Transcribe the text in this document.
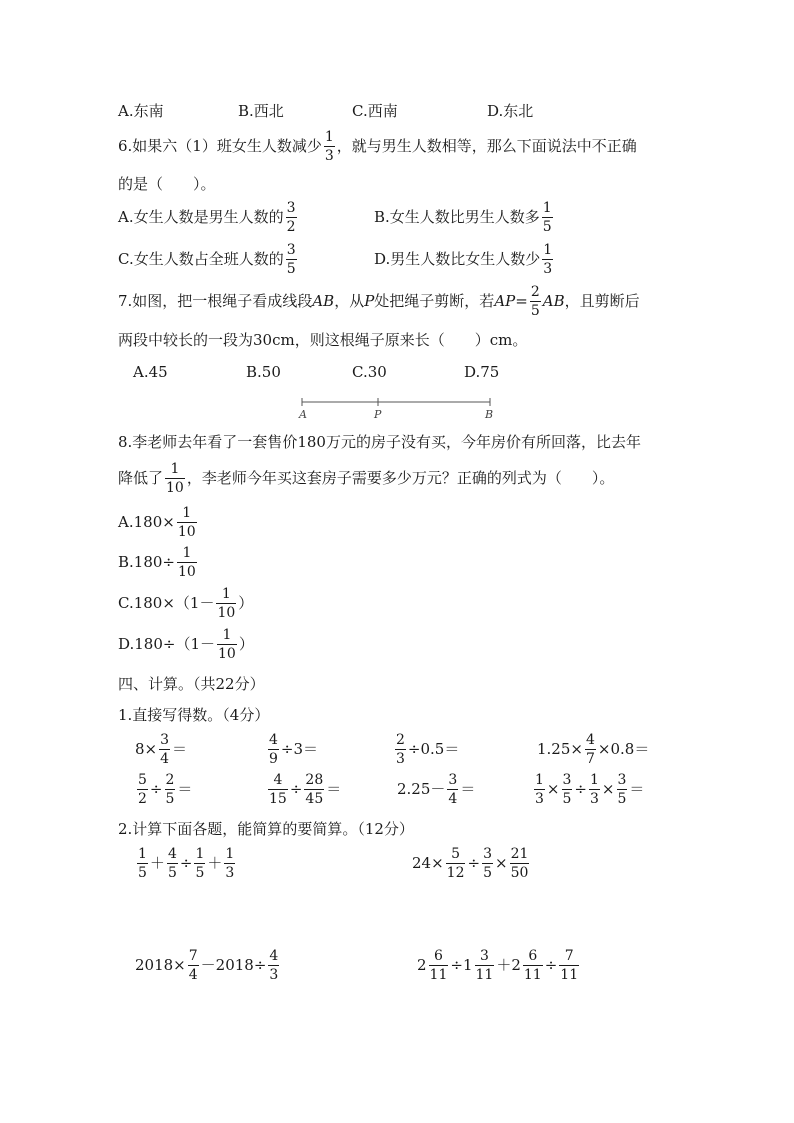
A.东南	B.西北	C.西南	D.东北
6.如果六（1）班女生人数减少 $\frac{1}{3}$ ，就与男生人数相等，那么下面说法中不正确
的是（　　）。
A.女生人数是男生人数的 $\frac{3}{2}$	B.女生人数比男生人数多 $\frac{1}{5}$
C.女生人数占全班人数的 $\frac{3}{5}$	D.男生人数比女生人数少 $\frac{1}{3}$
7.如图，把一根绳子看成线段 AB ，从 P 处把绳子剪断，若 AP = $\frac{2}{5}$ AB ，且剪断后
两段中较长的一段为30cm，则这根绳子原来长（　　）cm。
A.45	B.50	C.30	D.75
A	P	B
8.李老师去年看了一套售价180万元的房子没有买，今年房价有所回落，比去年
降低了 $\frac{1}{10}$ ，李老师今年买这套房子需要多少万元？正确的列式为（　　）。
$A.180\times \frac{1}{10}$
$B.180\div \frac{1}{10}$
$C.180\times(1- \frac{1}{10}$ ）
$D.180\div(1- \frac{1}{10}$ ）
四、计算。（共22分）
1.直接写得数。（4分）
$8\times \frac{3}{4}$ ＝	$\frac{4}{9} \div 3=$	$\frac{2}{3} \div 0.5=$	$1.25\times \frac{4}{7} \times 0.8=$
$\frac{5}{2} \div \frac{2}{5}$ ＝	$\frac{4}{15} \div \frac{28}{45}$ ＝	$2.25- \frac{3}{4}$ ＝	$\frac{1}{3} \times \frac{3}{5} \div \frac{1}{3} \times \frac{3}{5}$ ＝
2.计算下面各题，能简算的要简算。（12分）
$\frac{1}{5} + \frac{4}{5} \div \frac{1}{5} + \frac{1}{3}$	$24\times \frac{5}{12} \div \frac{3}{5} \times \frac{21}{50}$
$2018\times \frac{7}{4} -2018\div \frac{4}{3}$	$2 \frac{6}{11} \div 1 \frac{3}{11} + 2 \frac{6}{11} \div \frac{7}{11}$
